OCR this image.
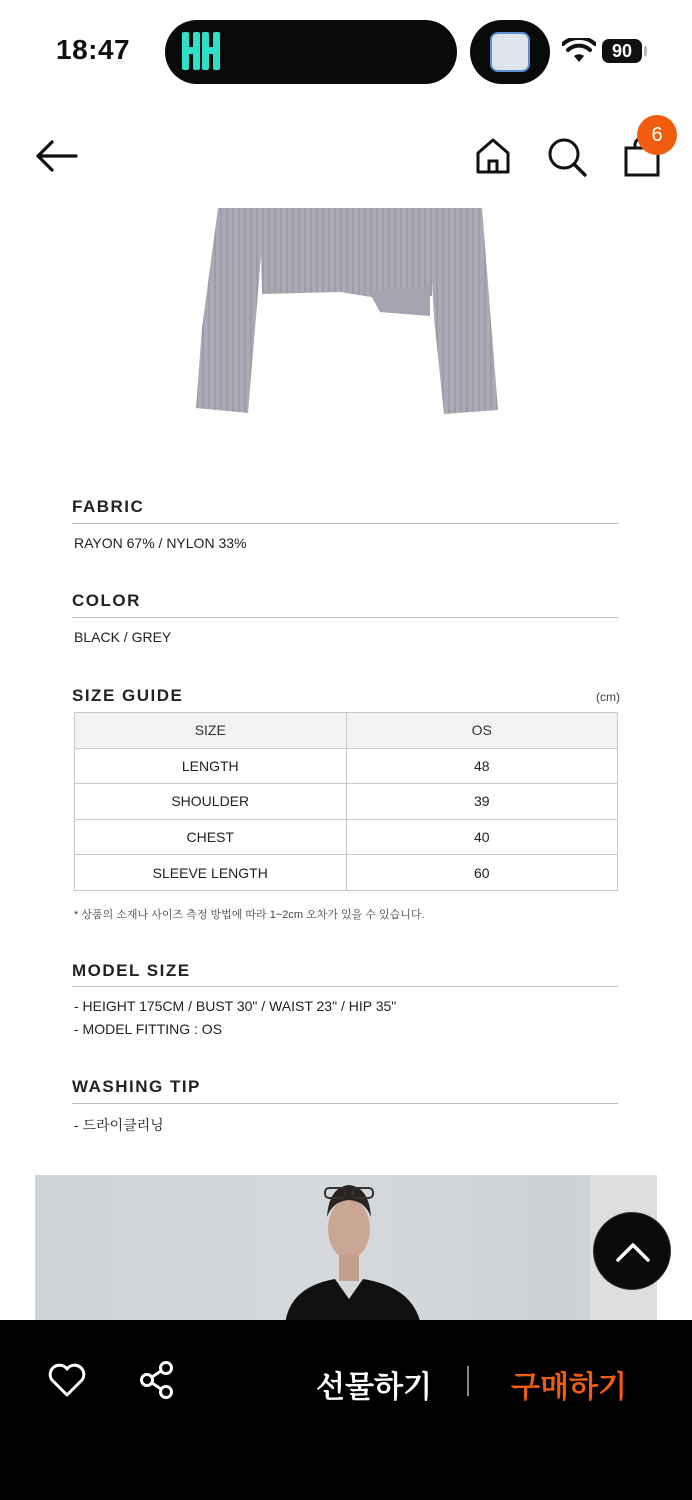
18:47	90
6
FABRIC
RAYON 67% / NYLON 33%
COLOR
BLACK / GREY
SIZE GUIDE	(cm)
SIZE	OS
LENGTH	48
SHOULDER	39
CHEST	40
SLEEVE LENGTH	60
* 상품의 소재나 사이즈 측정 방법에 따라 1~2cm 오차가 있을 수 있습니다.
MODEL SIZE
- HEIGHT 175CM / BUST 30" / WAIST 23" / HIP 35"
- MODEL FITTING : OS
WASHING TIP
- 드라이클리닝
선물하기	구매하기
